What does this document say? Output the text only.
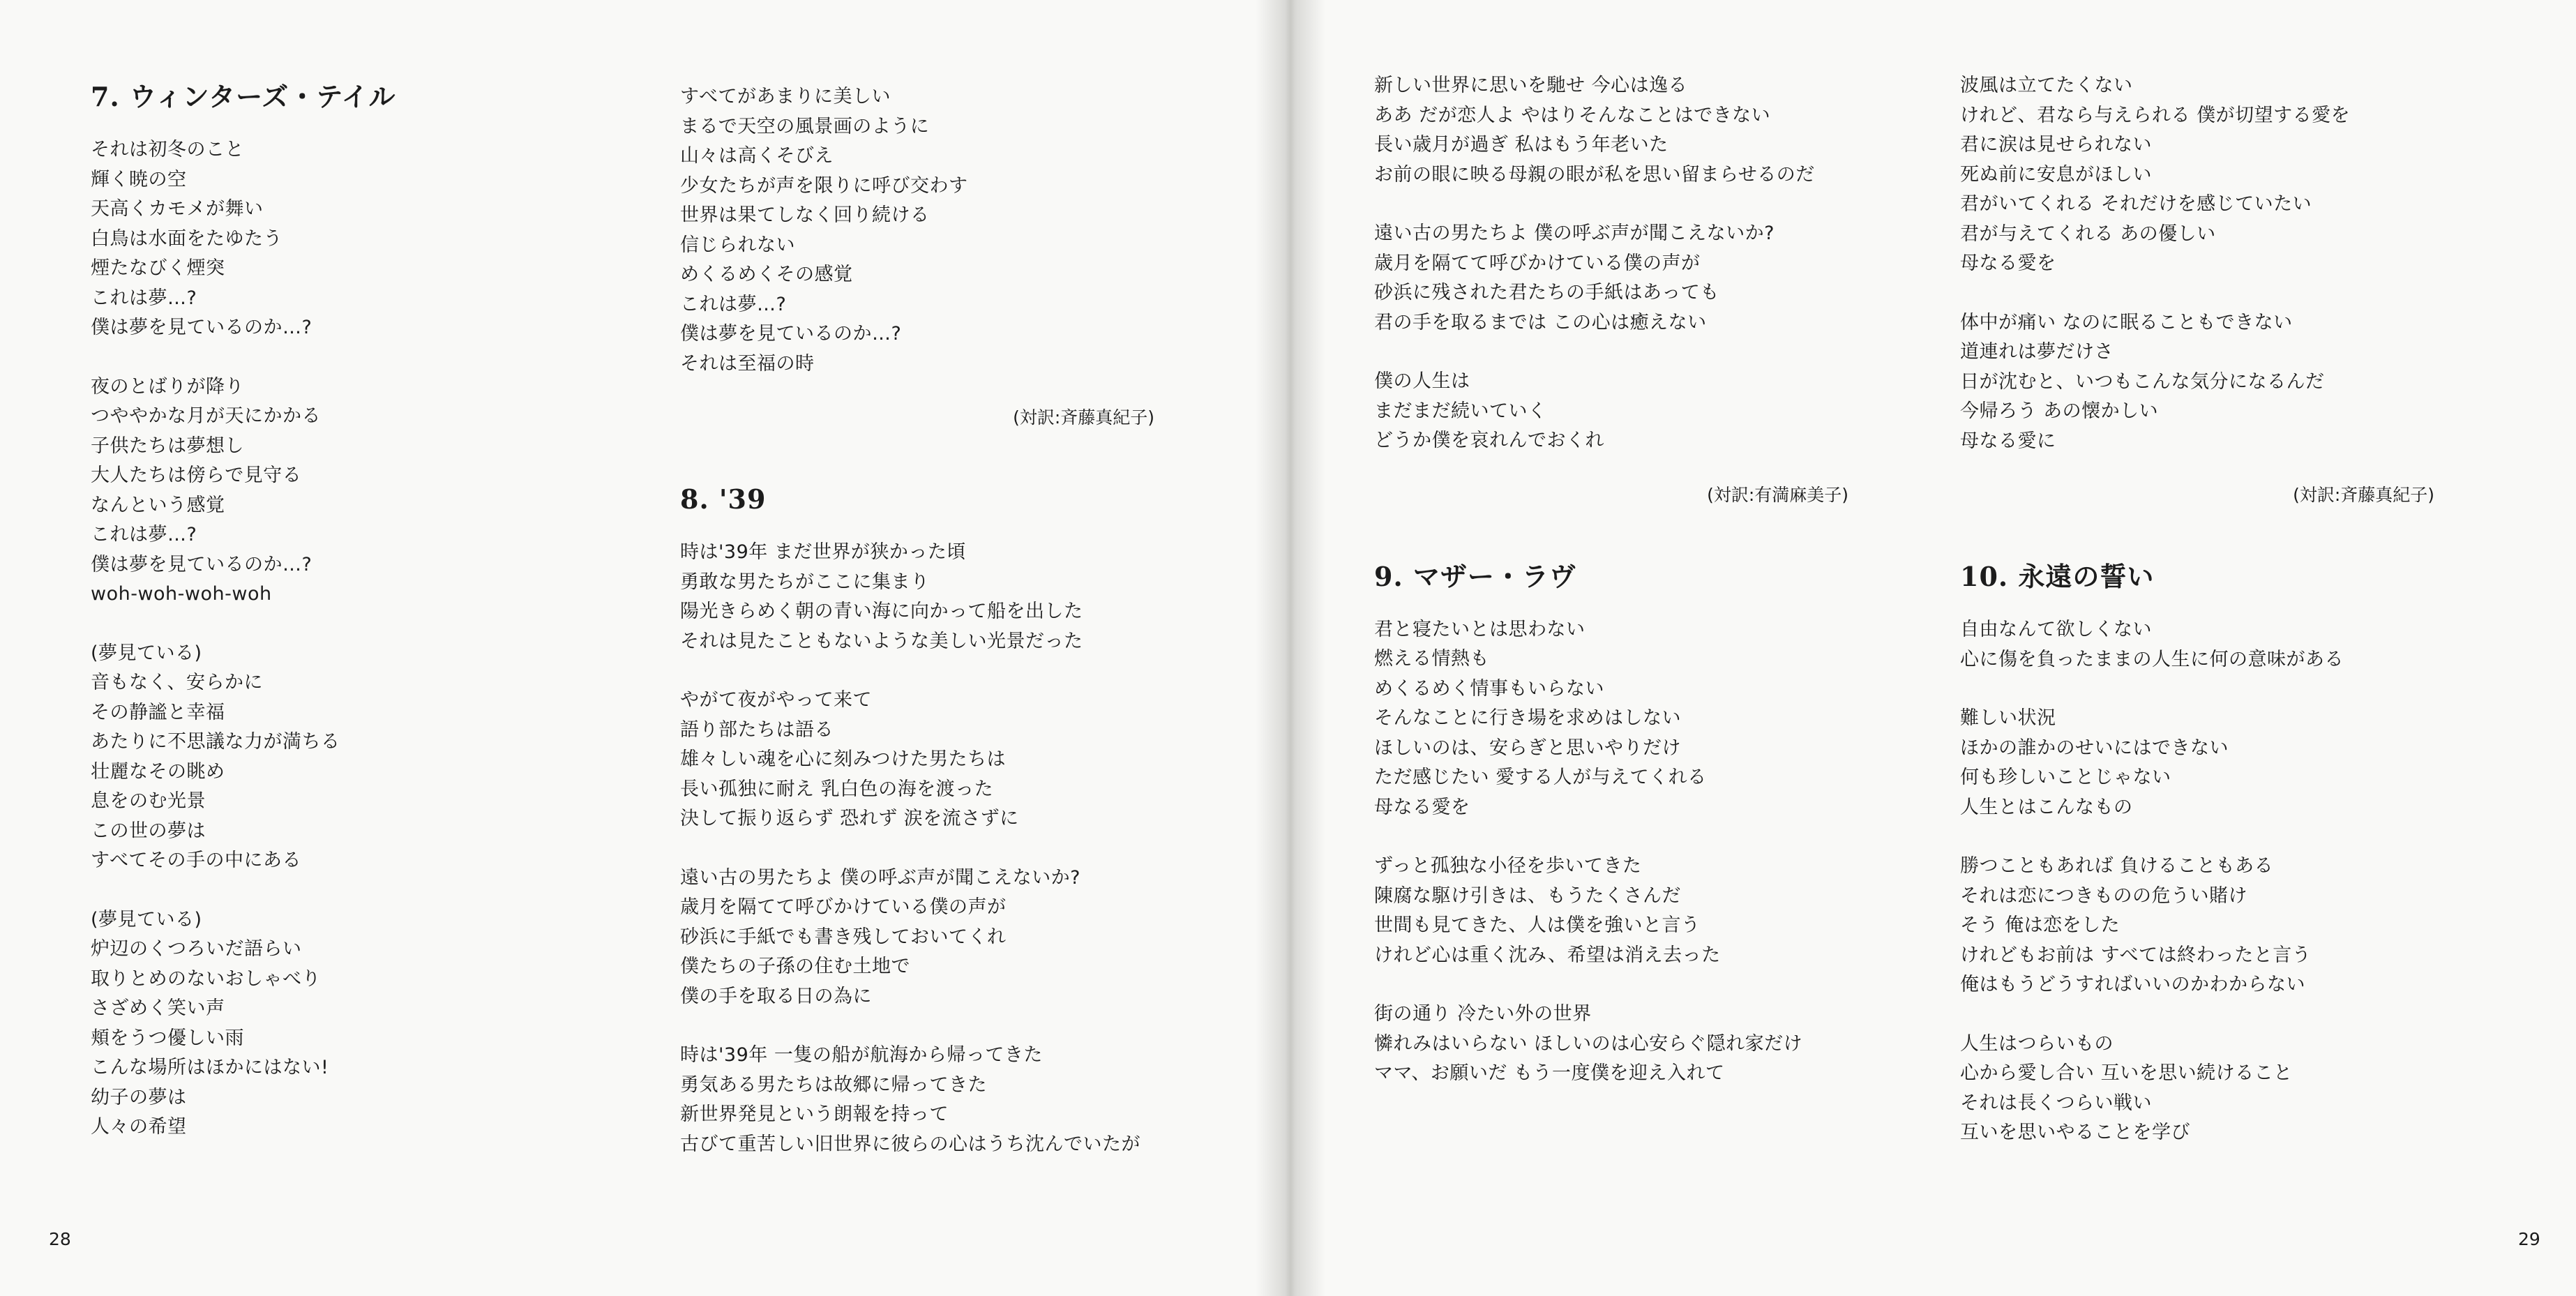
7. ウィンターズ・テイル
それは初冬のこと
輝く暁の空
天高くカモメが舞い
白鳥は水面をたゆたう
煙たなびく煙突
これは夢…?
僕は夢を見ているのか…?
夜のとばりが降り
つややかな月が天にかかる
子供たちは夢想し
大人たちは傍らで見守る
なんという感覚
これは夢…?
僕は夢を見ているのか…?
woh-woh-woh-woh
(夢見ている)
音もなく、安らかに
その静謐と幸福
あたりに不思議な力が満ちる
壮麗なその眺め
息をのむ光景
この世の夢は
すべてその手の中にある
(夢見ている)
炉辺のくつろいだ語らい
取りとめのないおしゃべり
さざめく笑い声
頬をうつ優しい雨
こんな場所はほかにはない!
幼子の夢は
人々の希望
すべてがあまりに美しい
まるで天空の風景画のように
山々は高くそびえ
少女たちが声を限りに呼び交わす
世界は果てしなく回り続ける
信じられない
めくるめくその感覚
これは夢…?
僕は夢を見ているのか…?
それは至福の時
(対訳:斉藤真紀子)
8. '39
時は'39年 まだ世界が狭かった頃
勇敢な男たちがここに集まり
陽光きらめく朝の青い海に向かって船を出した
それは見たこともないような美しい光景だった
やがて夜がやって来て
語り部たちは語る
雄々しい魂を心に刻みつけた男たちは
長い孤独に耐え 乳白色の海を渡った
決して振り返らず 恐れず 涙を流さずに
遠い古の男たちよ 僕の呼ぶ声が聞こえないか?
歳月を隔てて呼びかけている僕の声が
砂浜に手紙でも書き残しておいてくれ
僕たちの子孫の住む土地で
僕の手を取る日の為に
時は'39年 一隻の船が航海から帰ってきた
勇気ある男たちは故郷に帰ってきた
新世界発見という朗報を持って
古びて重苦しい旧世界に彼らの心はうち沈んでいたが
新しい世界に思いを馳せ 今心は逸る
ああ だが恋人よ やはりそんなことはできない
長い歳月が過ぎ 私はもう年老いた
お前の眼に映る母親の眼が私を思い留まらせるのだ
遠い古の男たちよ 僕の呼ぶ声が聞こえないか?
歳月を隔てて呼びかけている僕の声が
砂浜に残された君たちの手紙はあっても
君の手を取るまでは この心は癒えない
僕の人生は
まだまだ続いていく
どうか僕を哀れんでおくれ
(対訳:有満麻美子)
9. マザー・ラヴ
君と寝たいとは思わない
燃える情熱も
めくるめく情事もいらない
そんなことに行き場を求めはしない
ほしいのは、安らぎと思いやりだけ
ただ感じたい 愛する人が与えてくれる
母なる愛を
ずっと孤独な小径を歩いてきた
陳腐な駆け引きは、もうたくさんだ
世間も見てきた、人は僕を強いと言う
けれど心は重く沈み、希望は消え去った
街の通り 冷たい外の世界
憐れみはいらない ほしいのは心安らぐ隠れ家だけ
ママ、お願いだ もう一度僕を迎え入れて
波風は立てたくない
けれど、君なら与えられる 僕が切望する愛を
君に涙は見せられない
死ぬ前に安息がほしい
君がいてくれる それだけを感じていたい
君が与えてくれる あの優しい
母なる愛を
体中が痛い なのに眠ることもできない
道連れは夢だけさ
日が沈むと、いつもこんな気分になるんだ
今帰ろう あの懐かしい
母なる愛に
(対訳:斉藤真紀子)
10. 永遠の誓い
自由なんて欲しくない
心に傷を負ったままの人生に何の意味がある
難しい状況
ほかの誰かのせいにはできない
何も珍しいことじゃない
人生とはこんなもの
勝つこともあれば 負けることもある
それは恋につきものの危うい賭け
そう 俺は恋をした
けれどもお前は すべては終わったと言う
俺はもうどうすればいいのかわからない
人生はつらいもの
心から愛し合い 互いを思い続けること
それは長くつらい戦い
互いを思いやることを学び
28	29
